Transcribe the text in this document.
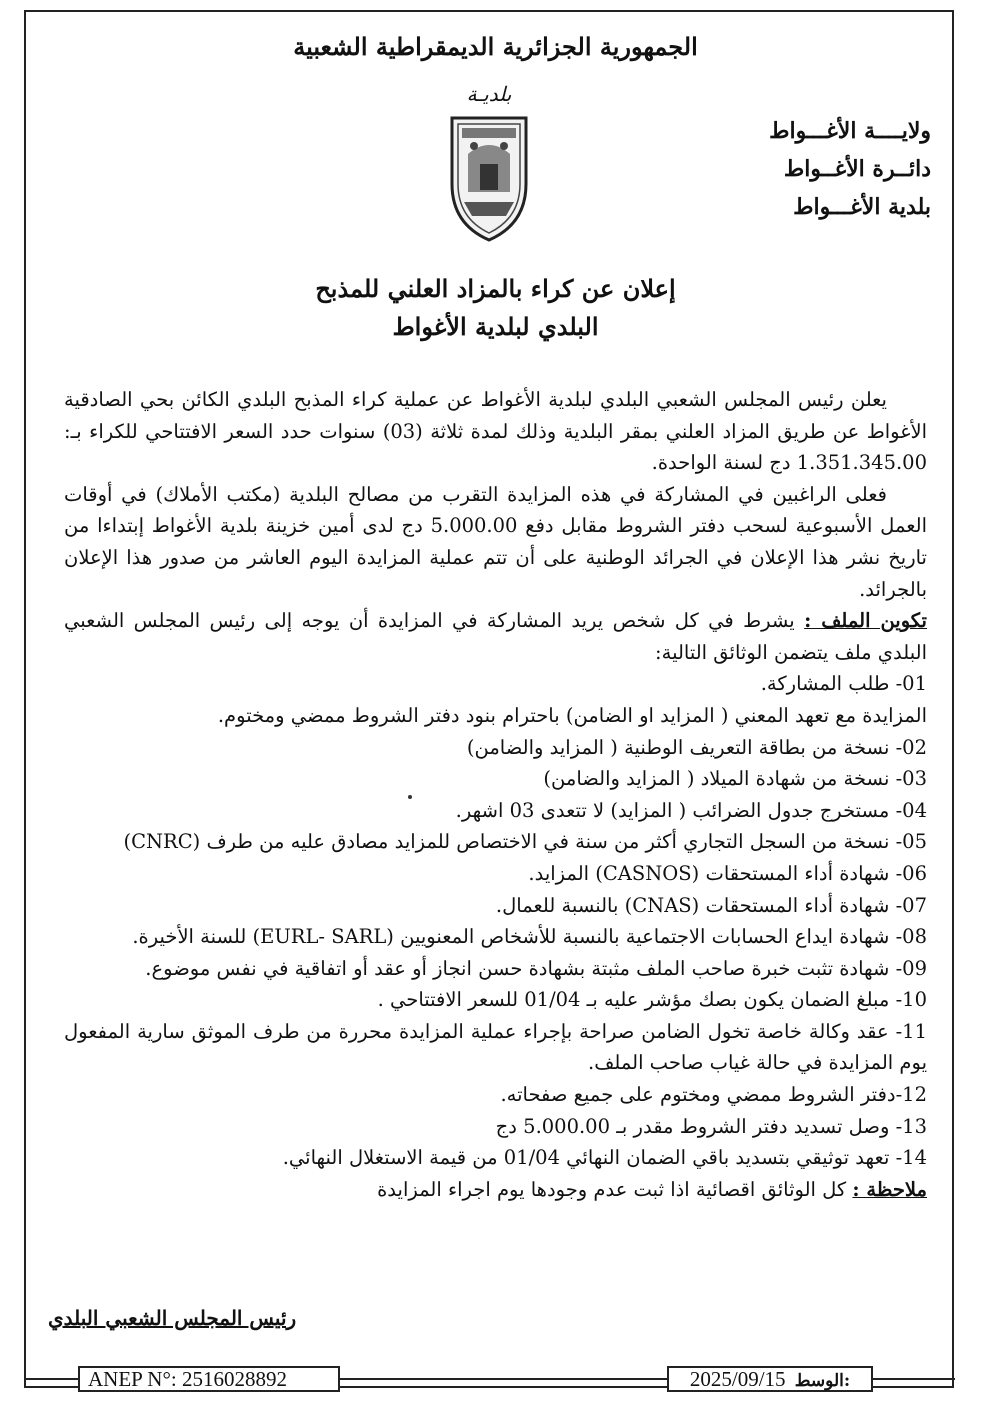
الجمهورية الجزائرية الديمقراطية الشعبية
ولايــــة الأغـــواط
دائــرة الأغــواط
بلدية الأغـــواط
بلديـة
إعلان عن كراء بالمزاد العلني للمذبح
البلدي لبلدية الأغواط

يعلن رئيس المجلس الشعبي البلدي لبلدية الأغواط عن عملية كراء المذبح البلدي الكائن بحي الصادقية الأغواط عن طريق المزاد العلني بمقر البلدية وذلك لمدة ثلاثة (03) سنوات حدد السعر الافتتاحي للكراء بـ: 1.351.345.00 دج لسنة الواحدة.

فعلى الراغبين في المشاركة في هذه المزايدة التقرب من مصالح البلدية (مكتب الأملاك) في أوقات العمل الأسبوعية لسحب دفتر الشروط مقابل دفع 5.000.00 دج لدى أمين خزينة بلدية الأغواط إبتداءا من تاريخ نشر هذا الإعلان في الجرائد الوطنية على أن تتم عملية المزايدة اليوم العاشر من صدور هذا الإعلان بالجرائد.

تكوين الملف : يشرط في كل شخص يريد المشاركة في المزايدة أن يوجه إلى رئيس المجلس الشعبي البلدي ملف يتضمن الوثائق التالية:

01- طلب المشاركة.

المزايدة مع تعهد المعني ( المزايد او الضامن) باحترام بنود دفتر الشروط ممضي ومختوم.

02- نسخة من بطاقة التعريف الوطنية ( المزايد والضامن)

03- نسخة من شهادة الميلاد ( المزايد والضامن)

04- مستخرج جدول الضرائب ( المزايد) لا تتعدى 03 اشهر.

05- نسخة من السجل التجاري أكثر من سنة في الاختصاص للمزايد مصادق عليه من طرف (CNRC)

06- شهادة أداء المستحقات (CASNOS) المزايد.

07- شهادة أداء المستحقات (CNAS) بالنسبة للعمال.

08- شهادة ايداع الحسابات الاجتماعية بالنسبة للأشخاص المعنويين (EURL- SARL) للسنة الأخيرة.

09- شهادة تثبت خبرة صاحب الملف مثبتة بشهادة حسن انجاز أو عقد أو اتفاقية في نفس موضوع.

10- مبلغ الضمان يكون بصك مؤشر عليه بـ 01/04 للسعر الافتتاحي .

11- عقد وكالة خاصة تخول الضامن صراحة بإجراء عملية المزايدة محررة من طرف الموثق سارية المفعول يوم المزايدة في حالة غياب صاحب الملف.

12-دفتر الشروط ممضي ومختوم على جميع صفحاته.

13- وصل تسديد دفتر الشروط مقدر بـ 5.000.00 دج

14- تعهد توثيقي بتسديد باقي الضمان النهائي 01/04 من قيمة الاستغلال النهائي.

ملاحظة : كل الوثائق اقصائية اذا ثبت عدم وجودها يوم اجراء المزايدة

رئيس المجلس الشعبي البلدي
ANEP N°: 2516028892	2025/09/15 الوسط:
